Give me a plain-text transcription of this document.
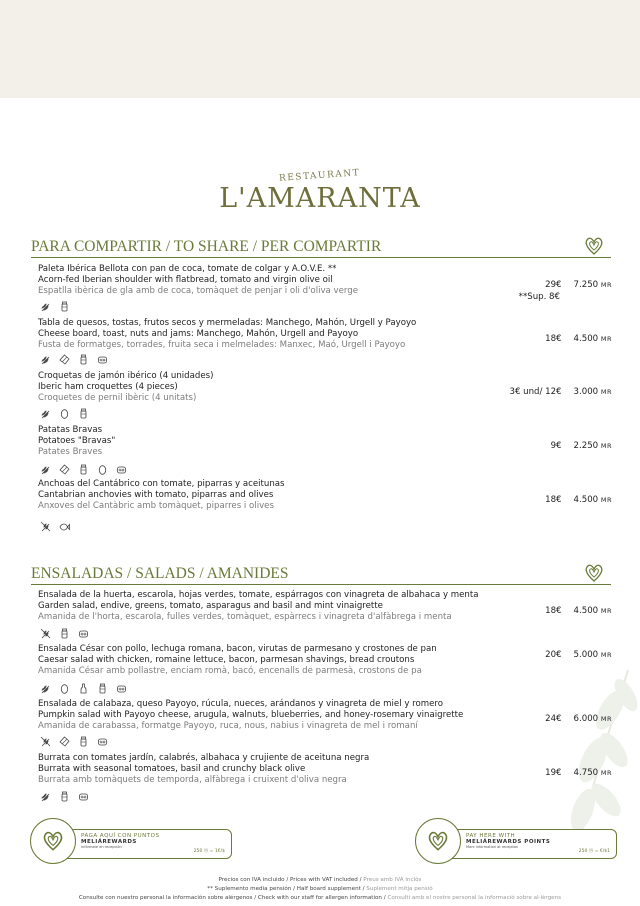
RESTAURANT
L'AMARANTA
PARA COMPARTIR / TO SHARE / PER COMPARTIR
ENSALADAS / SALADS / AMANIDES
Paleta Ibérica Bellota con pan de coca, tomate de colgar y A.O.V.E. **
Acorn-fed Iberian shoulder with flatbread, tomato and virgin olive oil
Espatlla ibèrica de gla amb de coca, tomàquet de penjar i oli d'oliva verge
29€ 7.250 MR
**Sup. 8€
Tabla de quesos, tostas, frutos secos y mermeladas: Manchego, Mahón, Urgell y Payoyo
Cheese board, toast, nuts and jams: Manchego, Mahón, Urgell and Payoyo
Fusta de formatges, torrades, fruita seca i melmelades: Manxec, Maó, Urgell i Payoyo
18€ 4.500 MR
Croquetas de jamón ibérico (4 unidades)
Iberic ham croquettes (4 pieces)
Croquetes de pernil ibèric (4 unitats)
3€ und/ 12€ 3.000 MR
Patatas Bravas
Potatoes "Bravas"
Patates Braves
9€ 2.250 MR
Anchoas del Cantábrico con tomate, piparras y aceitunas
Cantabrian anchovies with tomato, piparras and olives
Anxoves del Cantàbric amb tomàquet, piparres i olives
18€ 4.500 MR
Ensalada de la huerta, escarola, hojas verdes, tomate, espárragos con vinagreta de albahaca y menta
Garden salad, endive, greens, tomato, asparagus and basil and mint vinaigrette
Amanida de l'horta, escarola, fulles verdes, tomàquet, espàrrecs i vinagreta d'alfàbrega i menta
18€ 4.500 MR
Ensalada César con pollo, lechuga romana, bacon, virutas de parmesano y crostones de pan
Caesar salad with chicken, romaine lettuce, bacon, parmesan shavings, bread croutons
Amanida César amb pollastre, enciam romà, bacó, encenalls de parmesà, crostons de pa
20€ 5.000 MR
Ensalada de calabaza, queso Payoyo, rúcula, nueces, arándanos y vinagreta de miel y romero
Pumpkin salad with Payoyo cheese, arugula, walnuts, blueberries, and honey-rosemary vinaigrette
Amanida de carabassa, formatge Payoyo, ruca, nous, nabius i vinagreta de mel i romaní
24€ 6.000 MR
Burrata con tomates jardín, calabrés, albahaca y crujiente de aceituna negra
Burrata with seasonal tomatoes, basil and crunchy black olive
Burrata amb tomàquets de temporda, alfàbrega i cruixent d'oliva negra
19€ 4.750 MR
PAGA AQUÍ CON PUNTOS
MELIÁREWARDS
Infórmate en recepción
250 ⓜ = 1€/$
PAY HERE WITH
MELIÁREWARDS POINTS
More information at reception
250 ⓜ = €/$1
Precios con IVA incluido / Prices with VAT included / Preus amb IVA inclòs
** Suplemento media pensión / Half board supplement / Suplement mitja pensió
Consulte con nuestro personal la información sobre alérgenos / Check with our staff for allergen information / Consulti amb el nostre personal la informació sobre al·lèrgens
